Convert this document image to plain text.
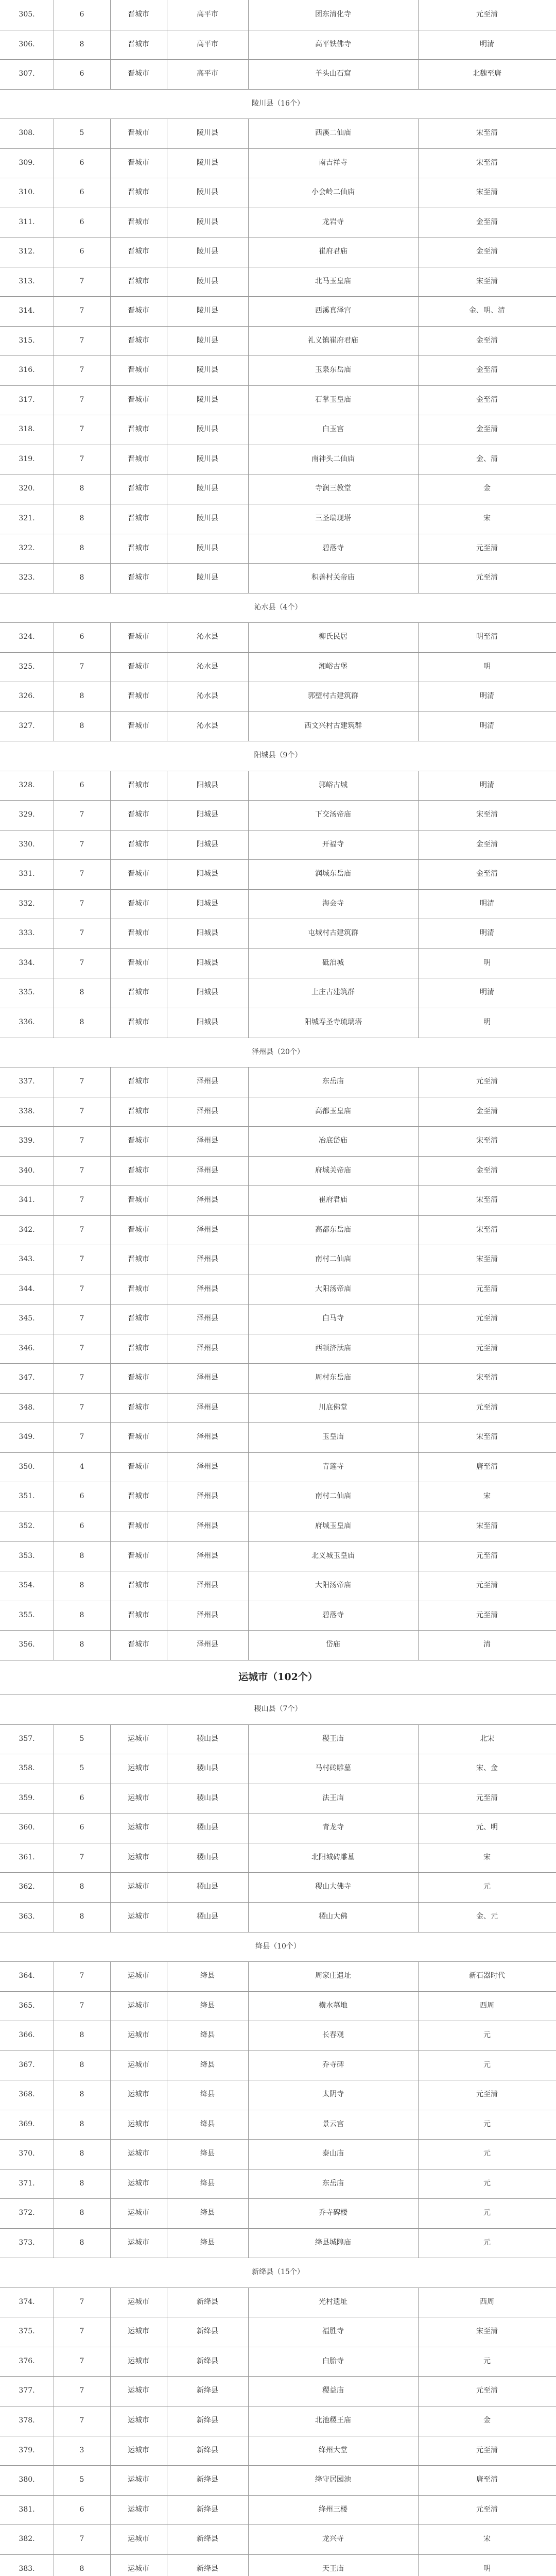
305.	6	晋城市	高平市	团东清化寺	元至清
306.	8	晋城市	高平市	高平铁佛寺	明清
307.	6	晋城市	高平市	羊头山石窟	北魏至唐
陵川县（16个）
308.	5	晋城市	陵川县	西溪二仙庙	宋至清
309.	6	晋城市	陵川县	南吉祥寺	宋至清
310.	6	晋城市	陵川县	小会岭二仙庙	宋至清
311.	6	晋城市	陵川县	龙岩寺	金至清
312.	6	晋城市	陵川县	崔府君庙	金至清
313.	7	晋城市	陵川县	北马玉皇庙	宋至清
314.	7	晋城市	陵川县	西溪真泽宫	金、明、清
315.	7	晋城市	陵川县	礼义镇崔府君庙	金至清
316.	7	晋城市	陵川县	玉泉东岳庙	金至清
317.	7	晋城市	陵川县	石掌玉皇庙	金至清
318.	7	晋城市	陵川县	白玉宫	金至清
319.	7	晋城市	陵川县	南神头二仙庙	金、清
320.	8	晋城市	陵川县	寺润三教堂	金
321.	8	晋城市	陵川县	三圣瑞现塔	宋
322.	8	晋城市	陵川县	碧落寺	元至清
323.	8	晋城市	陵川县	积善村关帝庙	元至清
沁水县（4个）
324.	6	晋城市	沁水县	柳氏民居	明至清
325.	7	晋城市	沁水县	湘峪古堡	明
326.	8	晋城市	沁水县	郭壁村古建筑群	明清
327.	8	晋城市	沁水县	西文兴村古建筑群	明清
阳城县（9个）
328.	6	晋城市	阳城县	郭峪古城	明清
329.	7	晋城市	阳城县	下交汤帝庙	宋至清
330.	7	晋城市	阳城县	开福寺	金至清
331.	7	晋城市	阳城县	润城东岳庙	金至清
332.	7	晋城市	阳城县	海会寺	明清
333.	7	晋城市	阳城县	屯城村古建筑群	明清
334.	7	晋城市	阳城县	砥洎城	明
335.	8	晋城市	阳城县	上庄古建筑群	明清
336.	8	晋城市	阳城县	阳城寿圣寺琉璃塔	明
泽州县（20个）
337.	7	晋城市	泽州县	东岳庙	元至清
338.	7	晋城市	泽州县	高都玉皇庙	金至清
339.	7	晋城市	泽州县	冶底岱庙	宋至清
340.	7	晋城市	泽州县	府城关帝庙	金至清
341.	7	晋城市	泽州县	崔府君庙	宋至清
342.	7	晋城市	泽州县	高都东岳庙	宋至清
343.	7	晋城市	泽州县	南村二仙庙	宋至清
344.	7	晋城市	泽州县	大阳汤帝庙	元至清
345.	7	晋城市	泽州县	白马寺	元至清
346.	7	晋城市	泽州县	西顿济渎庙	元至清
347.	7	晋城市	泽州县	周村东岳庙	宋至清
348.	7	晋城市	泽州县	川底佛堂	元至清
349.	7	晋城市	泽州县	玉皇庙	宋至清
350.	4	晋城市	泽州县	青莲寺	唐至清
351.	6	晋城市	泽州县	南村二仙庙	宋
352.	6	晋城市	泽州县	府城玉皇庙	宋至清
353.	8	晋城市	泽州县	北义城玉皇庙	元至清
354.	8	晋城市	泽州县	大阳汤帝庙	元至清
355.	8	晋城市	泽州县	碧落寺	元至清
356.	8	晋城市	泽州县	岱庙	清
运城市（102个）
稷山县（7个）
357.	5	运城市	稷山县	稷王庙	北宋
358.	5	运城市	稷山县	马村砖雕墓	宋、金
359.	6	运城市	稷山县	法王庙	元至清
360.	6	运城市	稷山县	青龙寺	元、明
361.	7	运城市	稷山县	北阳城砖雕墓	宋
362.	8	运城市	稷山县	稷山大佛寺	元
363.	8	运城市	稷山县	稷山大佛	金、元
绛县（10个）
364.	7	运城市	绛县	周家庄遗址	新石器时代
365.	7	运城市	绛县	横水墓地	西周
366.	8	运城市	绛县	长春观	元
367.	8	运城市	绛县	乔寺碑	元
368.	8	运城市	绛县	太阴寺	元至清
369.	8	运城市	绛县	景云宫	元
370.	8	运城市	绛县	泰山庙	元
371.	8	运城市	绛县	东岳庙	元
372.	8	运城市	绛县	乔寺碑楼	元
373.	8	运城市	绛县	绛县城隍庙	元
新绛县（15个）
374.	7	运城市	新绛县	光村遗址	西周
375.	7	运城市	新绛县	福胜寺	宋至清
376.	7	运城市	新绛县	白胎寺	元
377.	7	运城市	新绛县	稷益庙	元至清
378.	7	运城市	新绛县	北池稷王庙	金
379.	3	运城市	新绛县	绛州大堂	元至清
380.	5	运城市	新绛县	绛守居园池	唐至清
381.	6	运城市	新绛县	绛州三楼	元至清
382.	7	运城市	新绛县	龙兴寺	宋
383.	8	运城市	新绛县	天王庙	明
